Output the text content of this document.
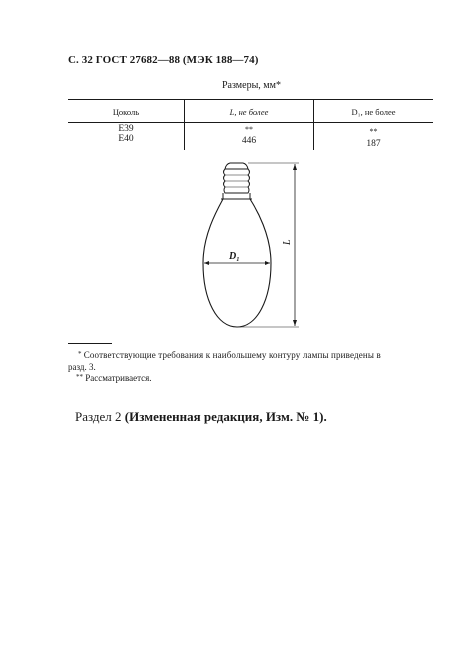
С. 32 ГОСТ 27682—88 (МЭК 188—74)
Размеры, мм*
Цоколь	L, не более	D₁, не более
E39	**	**
E40	446	187
D₁
L
* Соответствующие требования к наибольшему контуру лампы приведены в
разд. 3.
** Рассматривается.
Раздел 2 (Измененная редакция, Изм. № 1).
